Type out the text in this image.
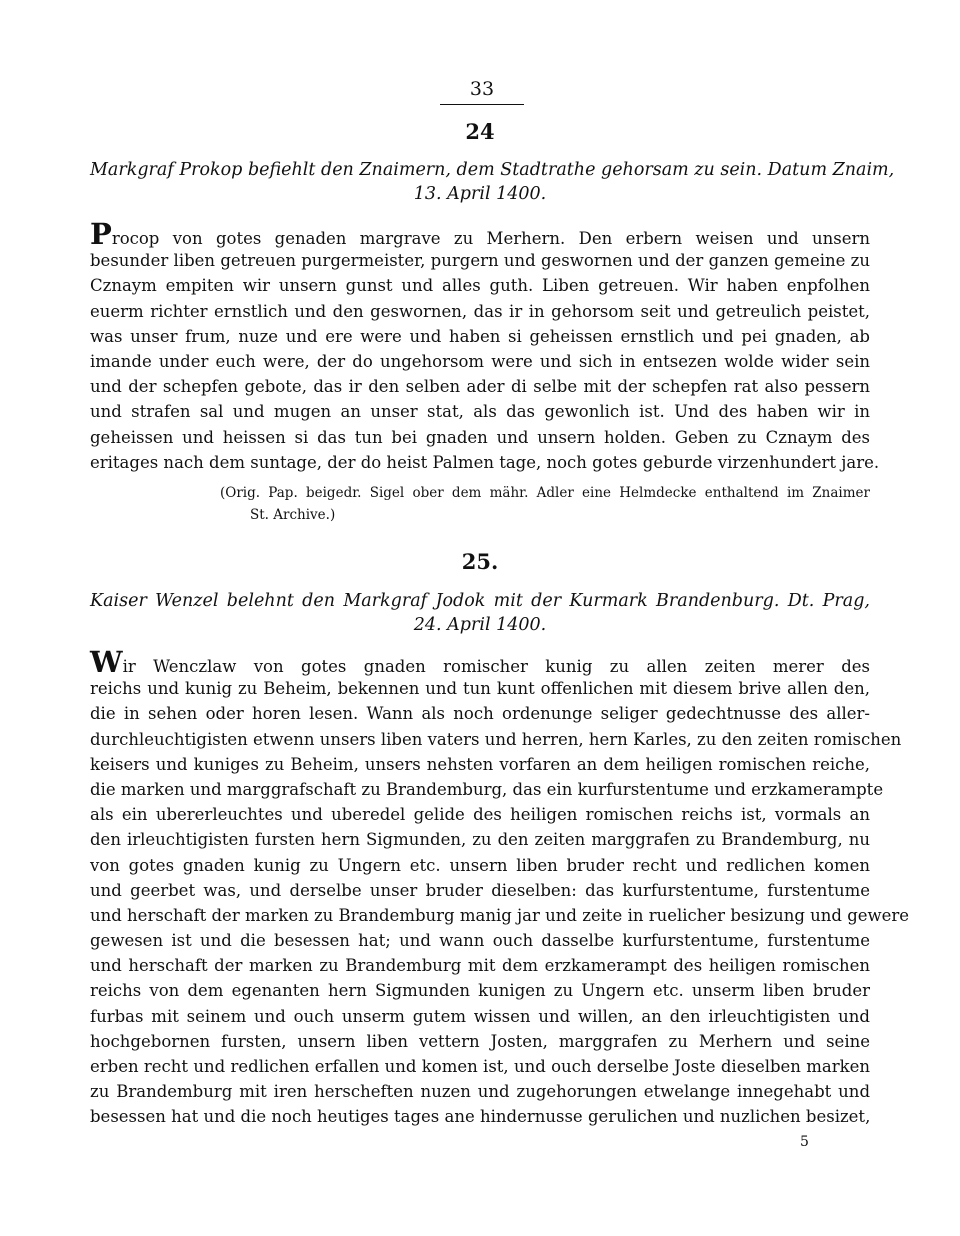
33
24
Markgraf Prokop befiehlt den Znaimern, dem Stadtrathe gehorsam zu sein. Datum Znaim,
13. April 1400.
Procop von gotes genaden margrave zu Merhern. Den erbern weisen und unsern
besunder liben getreuen purgermeister, purgern und geswornen und der ganzen gemeine zu
Cznaym empiten wir unsern gunst und alles guth. Liben getreuen. Wir haben enpfolhen
euerm richter ernstlich und den geswornen, das ir in gehorsom seit und getreulich peistet,
was unser frum, nuze und ere were und haben si geheissen ernstlich und pei gnaden, ab
imande under euch were, der do ungehorsom were und sich in entsezen wolde wider sein
und der schepfen gebote, das ir den selben ader di selbe mit der schepfen rat also pessern
und strafen sal und mugen an unser stat, als das gewonlich ist. Und des haben wir in
geheissen und heissen si das tun bei gnaden und unsern holden. Geben zu Cznaym des
eritages nach dem suntage, der do heist Palmen tage, noch gotes geburde virzenhundert jare.
(Orig. Pap. beigedr. Sigel ober dem mähr. Adler eine Helmdecke enthaltend im Znaimer
St. Archive.)
25.
Kaiser Wenzel belehnt den Markgraf Jodok mit der Kurmark Brandenburg. Dt. Prag,
24. April 1400.
Wir Wenczlaw von gotes gnaden romischer kunig zu allen zeiten merer des
reichs und kunig zu Beheim, bekennen und tun kunt offenlichen mit diesem brive allen den,
die in sehen oder horen lesen. Wann als noch ordenunge seliger gedechtnusse des aller-
durchleuchtigisten etwenn unsers liben vaters und herren, hern Karles, zu den zeiten romischen
keisers und kuniges zu Beheim, unsers nehsten vorfaren an dem heiligen romischen reiche,
die marken und marggrafschaft zu Brandemburg, das ein kurfurstentume und erzkamerampte
als ein ubererleuchtes und uberedel gelide des heiligen romischen reichs ist, vormals an
den irleuchtigisten fursten hern Sigmunden, zu den zeiten marggrafen zu Brandemburg, nu
von gotes gnaden kunig zu Ungern etc. unsern liben bruder recht und redlichen komen
und geerbet was, und derselbe unser bruder dieselben: das kurfurstentume, furstentume
und herschaft der marken zu Brandemburg manig jar und zeite in ruelicher besizung und gewere
gewesen ist und die besessen hat; und wann ouch dasselbe kurfurstentume, furstentume
und herschaft der marken zu Brandemburg mit dem erzkamerampt des heiligen romischen
reichs von dem egenanten hern Sigmunden kunigen zu Ungern etc. unserm liben bruder
furbas mit seinem und ouch unserm gutem wissen und willen, an den irleuchtigisten und
hochgebornen fursten, unsern liben vettern Josten, marggrafen zu Merhern und seine
erben recht und redlichen erfallen und komen ist, und ouch derselbe Joste dieselben marken
zu Brandemburg mit iren herscheften nuzen und zugehorungen etwelange innegehabt und
besessen hat und die noch heutiges tages ane hindernusse gerulichen und nuzlichen besizet,
5
